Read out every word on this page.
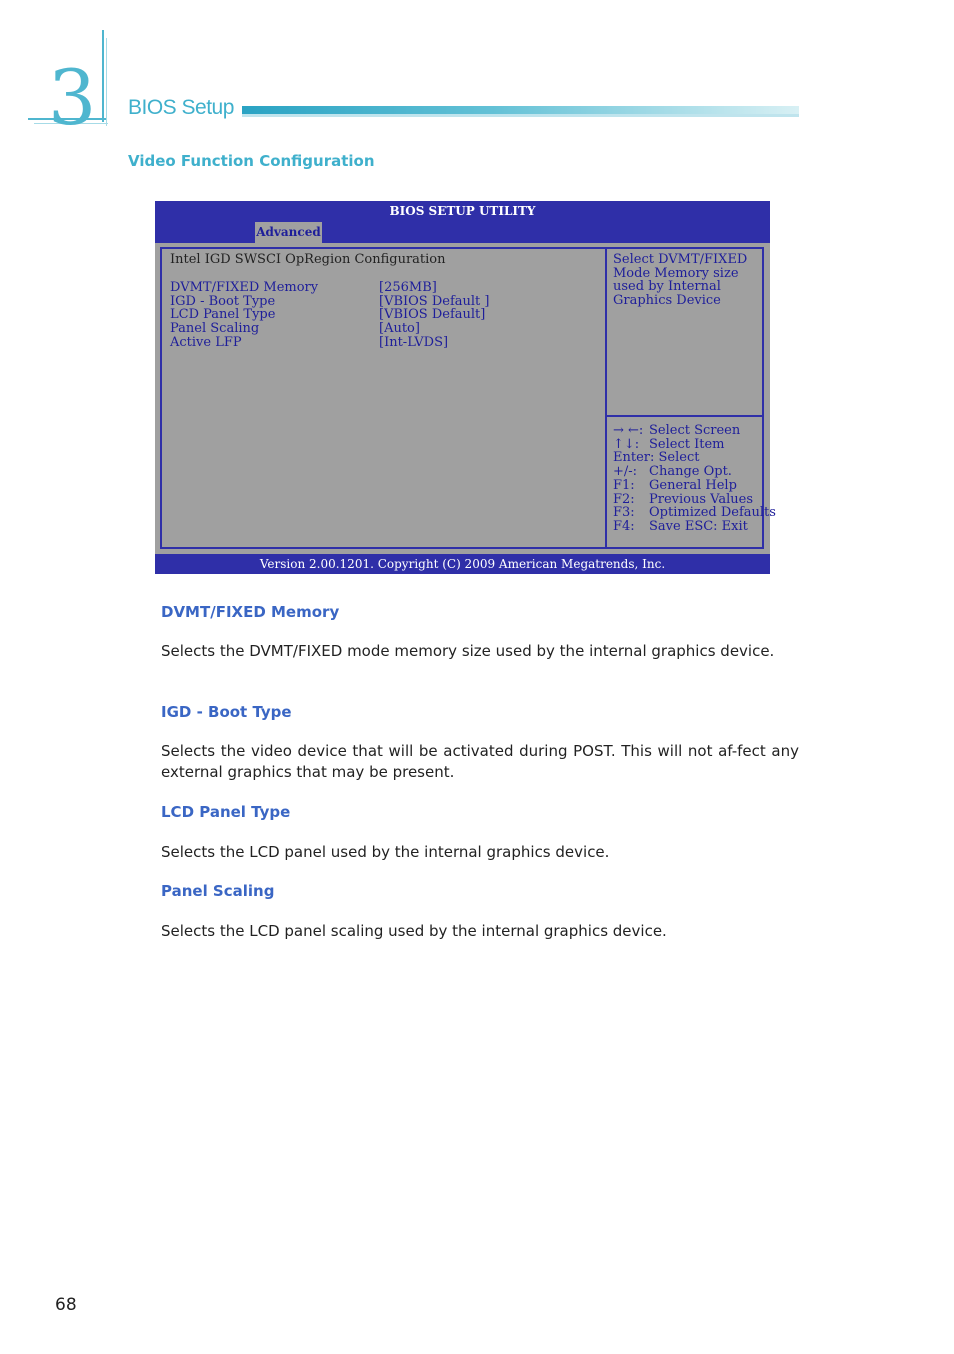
3 BIOS Setup
Video Function Configuration
BIOS SETUP UTILITY
Advanced
Intel IGD SWSCI OpRegion Configuration
DVMT/FIXED Memory
IGD - Boot Type
LCD Panel Type
Panel Scaling
Active LFP
[256MB]
[VBIOS Default ]
[VBIOS Default]
[Auto]
[Int-LVDS]
Select DVMT/FIXED Mode Memory size used by Internal Graphics Device
→ ←: Select Screen
↑↓: Select Item
Enter: Select
+/-: Change Opt.
F1: General Help
F2: Previous Values
F3: Optimized Defaults
F4: Save ESC: Exit
Version 2.00.1201. Copyright (C) 2009 American Megatrends, Inc.
DVMT/FIXED Memory
Selects the DVMT/FIXED mode memory size used by the internal graphics device.
IGD - Boot Type
Selects the video device that will be activated during POST. This will not af-fect any external graphics that may be present.
LCD Panel Type
Selects the LCD panel used by the internal graphics device.
Panel Scaling
Selects the LCD panel scaling used by the internal graphics device.
68
